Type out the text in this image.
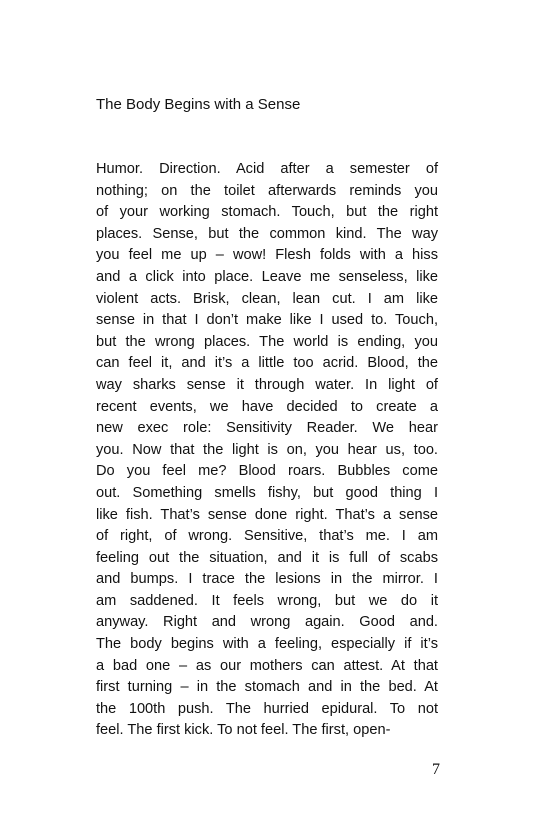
The Body Begins with a Sense
Humor. Direction. Acid after a semester of
nothing; on the toilet afterwards reminds you
of your working stomach. Touch, but the right
places. Sense, but the common kind. The way
you feel me up – wow! Flesh folds with a hiss
and a click into place. Leave me senseless, like
violent acts. Brisk, clean, lean cut. I am like
sense in that I don’t make like I used to. Touch,
but the wrong places. The world is ending, you
can feel it, and it’s a little too acrid. Blood, the
way sharks sense it through water. In light of
recent events, we have decided to create a
new exec role: Sensitivity Reader. We hear
you. Now that the light is on, you hear us, too.
Do you feel me? Blood roars. Bubbles come
out. Something smells fishy, but good thing I
like fish. That’s sense done right. That’s a sense
of right, of wrong. Sensitive, that’s me. I am
feeling out the situation, and it is full of scabs
and bumps. I trace the lesions in the mirror. I
am saddened. It feels wrong, but we do it
anyway. Right and wrong again. Good and.
The body begins with a feeling, especially if it’s
a bad one – as our mothers can attest. At that
first turning – in the stomach and in the bed. At
the 100th push. The hurried epidural. To not
feel. The first kick. To not feel. The first, open-
7
